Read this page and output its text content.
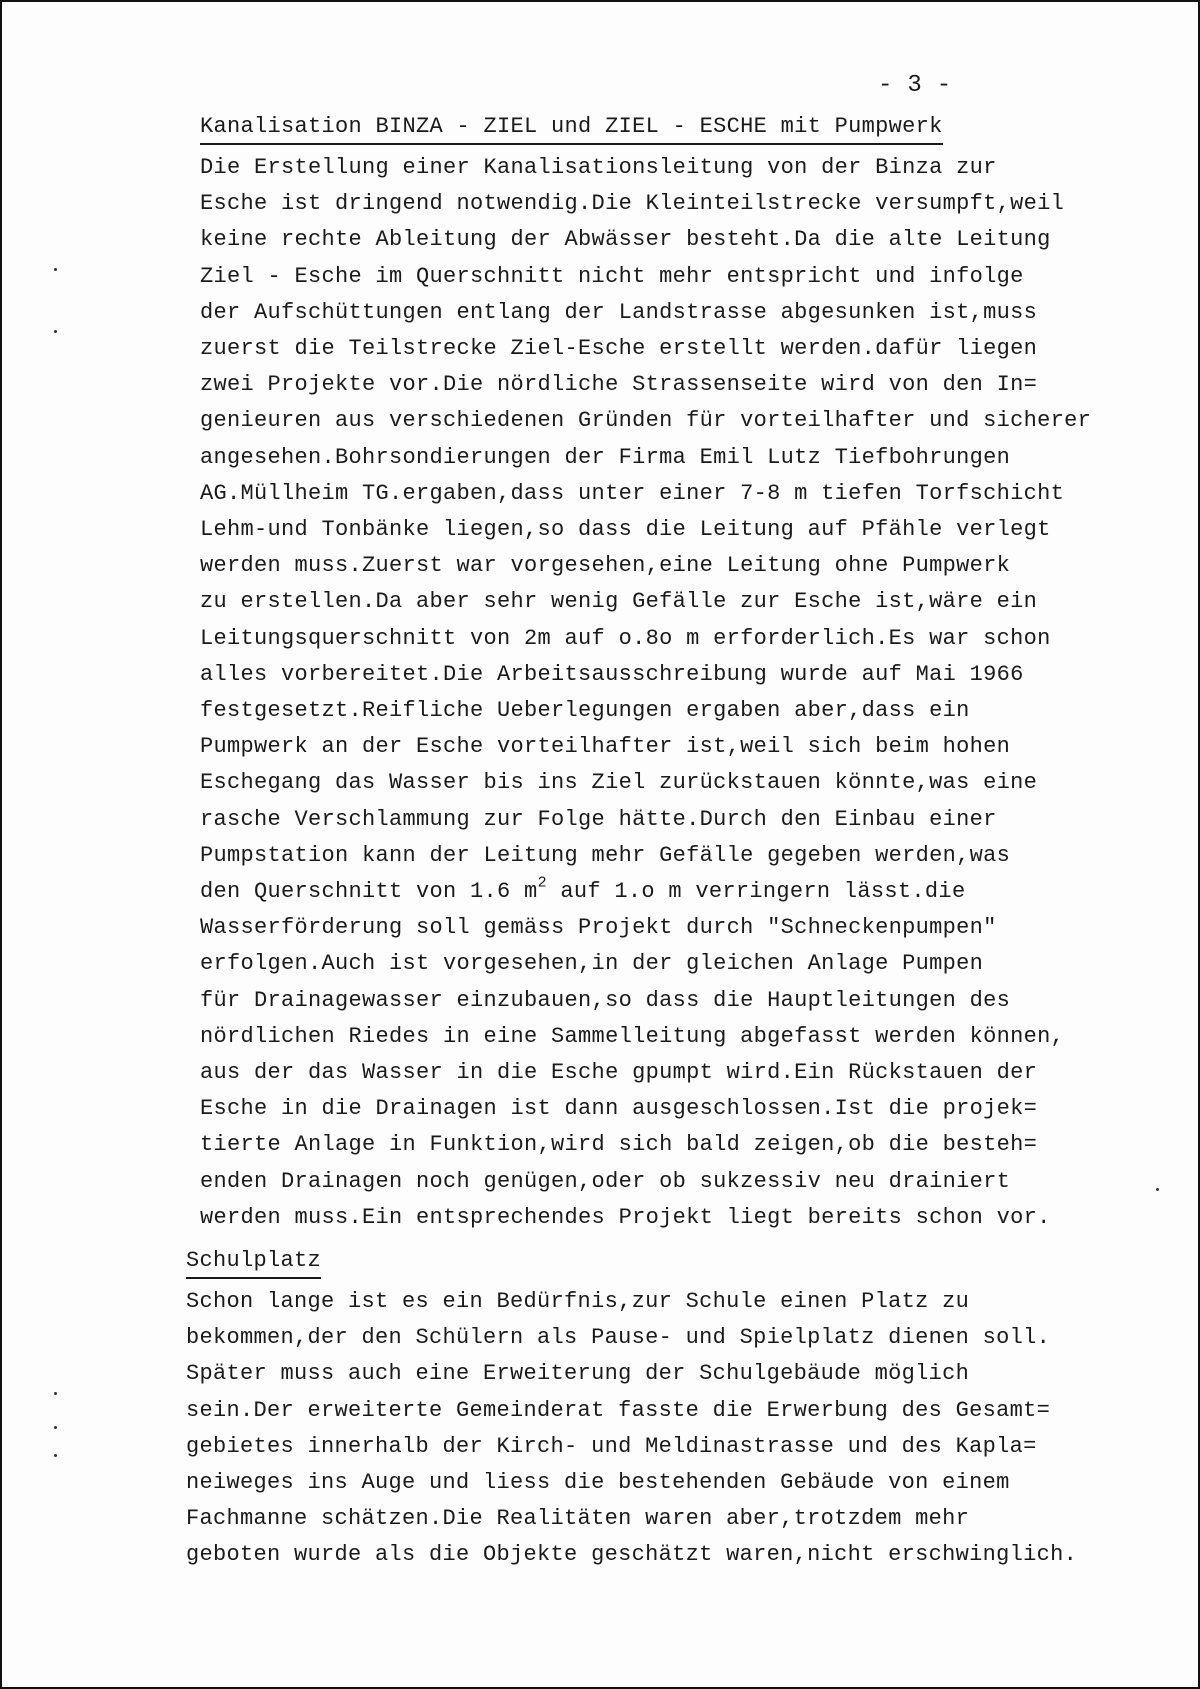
- 3 -
Kanalisation BINZA - ZIEL und ZIEL - ESCHE mit Pumpwerk
Die Erstellung einer Kanalisationsleitung von der Binza zur
Esche ist dringend notwendig.Die Kleinteilstrecke versumpft,weil
keine rechte Ableitung der Abwässer besteht.Da die alte Leitung
Ziel - Esche im Querschnitt nicht mehr entspricht und infolge
der Aufschüttungen entlang der Landstrasse abgesunken ist,muss
zuerst die Teilstrecke Ziel-Esche erstellt werden.dafür liegen
zwei Projekte vor.Die nördliche Strassenseite wird von den In=
genieuren aus verschiedenen Gründen für vorteilhafter und sicherer
angesehen.Bohrsondierungen der Firma Emil Lutz Tiefbohrungen
AG.Müllheim TG.ergaben,dass unter einer 7-8 m tiefen Torfschicht
Lehm-und Tonbänke liegen,so dass die Leitung auf Pfähle verlegt
werden muss.Zuerst war vorgesehen,eine Leitung ohne Pumpwerk
zu erstellen.Da aber sehr wenig Gefälle zur Esche ist,wäre ein
Leitungsquerschnitt von 2m auf o.8o m erforderlich.Es war schon
alles vorbereitet.Die Arbeitsausschreibung wurde auf Mai 1966
festgesetzt.Reifliche Ueberlegungen ergaben aber,dass ein
Pumpwerk an der Esche vorteilhafter ist,weil sich beim hohen
Eschegang das Wasser bis ins Ziel zurückstauen könnte,was eine
rasche Verschlammung zur Folge hätte.Durch den Einbau einer
Pumpstation kann der Leitung mehr Gefälle gegeben werden,was
den Querschnitt von 1.6 $m^2$ auf 1.o m verringern lässt.die
Wasserförderung soll gemäss Projekt durch "Schneckenpumpen"
erfolgen.Auch ist vorgesehen,in der gleichen Anlage Pumpen
für Drainagewasser einzubauen,so dass die Hauptleitungen des
nördlichen Riedes in eine Sammelleitung abgefasst werden können,
aus der das Wasser in die Esche gpumpt wird.Ein Rückstauen der
Esche in die Drainagen ist dann ausgeschlossen.Ist die projek=
tierte Anlage in Funktion,wird sich bald zeigen,ob die besteh=
enden Drainagen noch genügen,oder ob sukzessiv neu drainiert
werden muss.Ein entsprechendes Projekt liegt bereits schon vor.
Schulplatz
Schon lange ist es ein Bedürfnis,zur Schule einen Platz zu
bekommen,der den Schülern als Pause- und Spielplatz dienen soll.
Später muss auch eine Erweiterung der Schulgebäude möglich
sein.Der erweiterte Gemeinderat fasste die Erwerbung des Gesamt=
gebietes innerhalb der Kirch- und Meldinastrasse und des Kapla=
neiweges ins Auge und liess die bestehenden Gebäude von einem
Fachmanne schätzen.Die Realitäten waren aber,trotzdem mehr
geboten wurde als die Objekte geschätzt waren,nicht erschwinglich.
